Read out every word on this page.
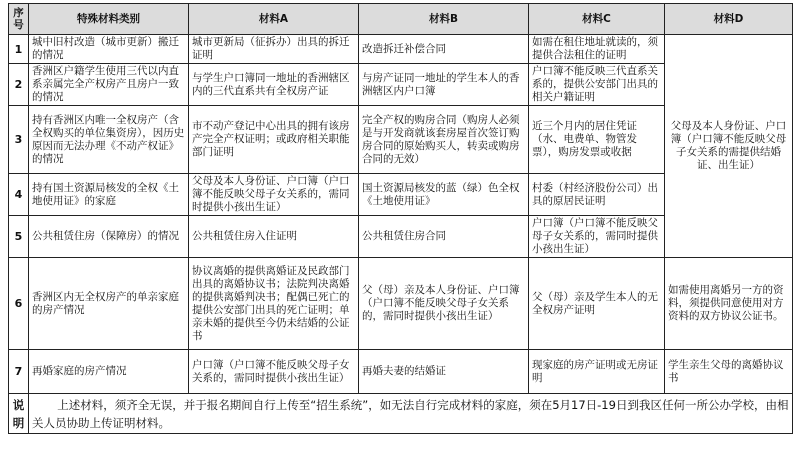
序号	特殊材料类别	材料A	材料B	材料C	材料D
1	城中旧村改造（城市更新）搬迁的情况	城市更新局（征拆办）出具的拆迁证明	改造拆迁补偿合同	如需在租住地址就读的，须提供合法租住的证明	父母及本人身份证、户口簿（户口簿不能反映父母子女关系的需提供结婚证、出生证）
2	香洲区户籍学生使用三代以内直系亲属完全产权房产且房户一致的情况	与学生户口簿同一地址的香洲辖区内的三代直系共有全权房产证	与房产证同一地址的学生本人的香洲辖区内户口簿	户口簿不能反映三代直系关系的，提供公安部门出具的相关户籍证明	
3	持有香洲区内唯一全权房产（含全权购买的单位集资房），因历史原因而无法办理《不动产权证》的情况	市不动产登记中心出具的拥有该房产完全产权证明；或政府相关职能部门证明	完全产权的购房合同（购房人必须是与开发商就该套房屋首次签订购房合同的原始购买人，转卖或购房合同的无效）	近三个月内的居住凭证（水、电费单、物管发票），购房发票或收据	
4	持有国土资源局核发的全权《土地使用证》的家庭	父母及本人身份证、户口簿（户口簿不能反映父母子女关系的，需同时提供小孩出生证）	国土资源局核发的蓝（绿）色全权《土地使用证》	村委（村经济股份公司）出具的原居民证明	
5	公共租赁住房（保障房）的情况	公共租赁住房入住证明	公共租赁住房合同	户口簿（户口簿不能反映父母子女关系的，需同时提供小孩出生证）	
6	香洲区内无全权房产的单亲家庭的房产情况	协议离婚的提供离婚证及民政部门出具的离婚协议书；法院判决离婚的提供离婚判决书；配偶已死亡的提供公安部门出具的死亡证明；单亲未婚的提供至今仍未结婚的公证书	父（母）亲及本人身份证、户口簿（户口簿不能反映父母子女关系的，需同时提供小孩出生证）	父（母）亲及学生本人的无全权房产证明	如需使用离婚另一方的资料，须提供同意使用对方资料的双方协议公证书。
7	再婚家庭的房产情况	户口簿（户口簿不能反映父母子女关系的，需同时提供小孩出生证）	再婚夫妻的结婚证	现家庭的房产证明或无房证明	学生亲生父母的离婚协议书
说明	上述材料，须齐全无误，并于报名期间自行上传至“招生系统”，如无法自行完成材料的家庭，须在5月17日-19日到我区任何一所公办学校，由相关人员协助上传证明材料。				
